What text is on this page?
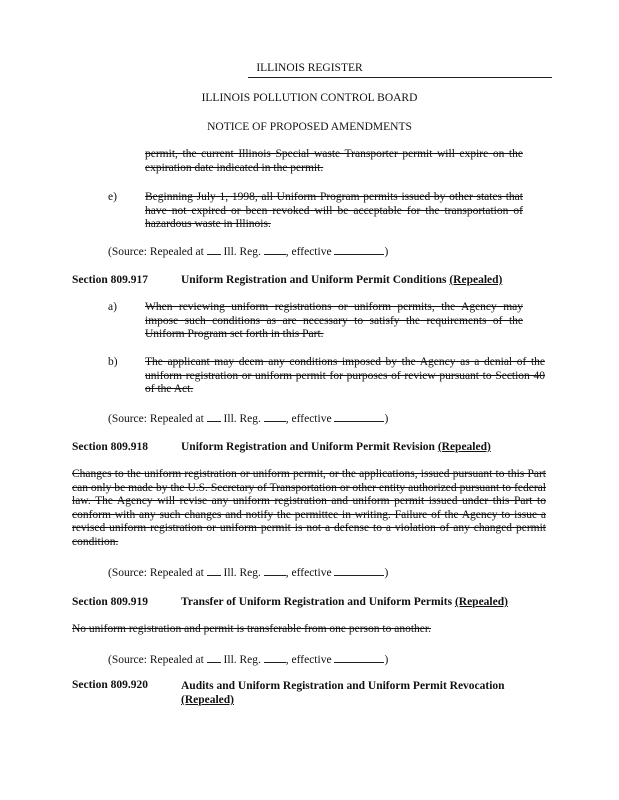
ILLINOIS REGISTER
ILLINOIS POLLUTION CONTROL BOARD
NOTICE OF PROPOSED AMENDMENTS
permit, the current Illinois Special waste Transporter permit will expire on the expiration date indicated in the permit.
e) Beginning July 1, 1998, all Uniform Program permits issued by other states that have not expired or been revoked will be acceptable for the transportation of hazardous waste in Illinois.
(Source: Repealed at Ill. Reg. , effective	)
Section 809.917	Uniform Registration and Uniform Permit Conditions (Repealed)
a) When reviewing uniform registrations or uniform permits, the Agency may impose such conditions as are necessary to satisfy the requirements of the Uniform Program set forth in this Part.
b) The applicant may deem any conditions imposed by the Agency as a denial of the uniform registration or uniform permit for purposes of review pursuant to Section 40 of the Act.
(Source: Repealed at Ill. Reg. , effective	)
Section 809.918	Uniform Registration and Uniform Permit Revision (Repealed)
Changes to the uniform registration or uniform permit, or the applications, issued pursuant to this Part can only be made by the U.S. Secretary of Transportation or other entity authorized pursuant to federal law. The Agency will revise any uniform registration and uniform permit issued under this Part to conform with any such changes and notify the permittee in writing. Failure of the Agency to issue a revised uniform registration or uniform permit is not a defense to a violation of any changed permit condition.
(Source: Repealed at Ill. Reg. , effective	)
Section 809.919	Transfer of Uniform Registration and Uniform Permits (Repealed)
No uniform registration and permit is transferable from one person to another.
(Source: Repealed at Ill. Reg. , effective	)
Section 809.920	Audits and Uniform Registration and Uniform Permit Revocation (Repealed)
